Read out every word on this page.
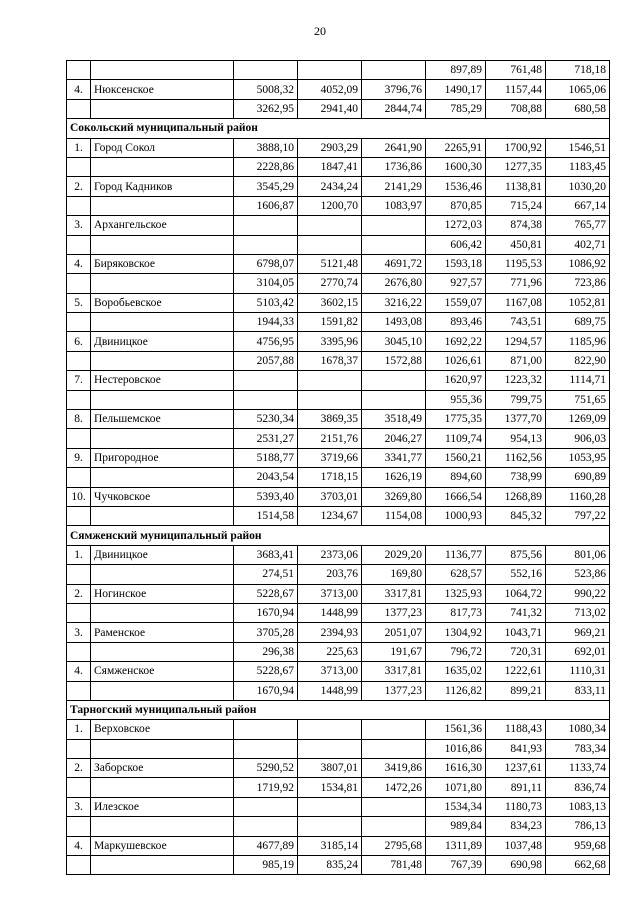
20
					897,89	761,48	718,18
4.	Нюксенское	5008,32	4052,09	3796,76	1490,17	1157,44	1065,06
		3262,95	2941,40	2844,74	785,29	708,88	680,58
Сокольский муниципальный район							
1.	Город Сокол	3888,10	2903,29	2641,90	2265,91	1700,92	1546,51
		2228,86	1847,41	1736,86	1600,30	1277,35	1183,45
2.	Город Кадников	3545,29	2434,24	2141,29	1536,46	1138,81	1030,20
		1606,87	1200,70	1083,97	870,85	715,24	667,14
3.	Архангельское				1272,03	874,38	765,77
					606,42	450,81	402,71
4.	Биряковское	6798,07	5121,48	4691,72	1593,18	1195,53	1086,92
		3104,05	2770,74	2676,80	927,57	771,96	723,86
5.	Воробьевское	5103,42	3602,15	3216,22	1559,07	1167,08	1052,81
		1944,33	1591,82	1493,08	893,46	743,51	689,75
6.	Двиницкое	4756,95	3395,96	3045,10	1692,22	1294,57	1185,96
		2057,88	1678,37	1572,88	1026,61	871,00	822,90
7.	Нестеровское				1620,97	1223,32	1114,71
					955,36	799,75	751,65
8.	Пельшемское	5230,34	3869,35	3518,49	1775,35	1377,70	1269,09
		2531,27	2151,76	2046,27	1109,74	954,13	906,03
9.	Пригородное	5188,77	3719,66	3341,77	1560,21	1162,56	1053,95
		2043,54	1718,15	1626,19	894,60	738,99	690,89
10.	Чучковское	5393,40	3703,01	3269,80	1666,54	1268,89	1160,28
		1514,58	1234,67	1154,08	1000,93	845,32	797,22
Сямженский муниципальный район							
1.	Двиницкое	3683,41	2373,06	2029,20	1136,77	875,56	801,06
		274,51	203,76	169,80	628,57	552,16	523,86
2.	Ногинское	5228,67	3713,00	3317,81	1325,93	1064,72	990,22
		1670,94	1448,99	1377,23	817,73	741,32	713,02
3.	Раменское	3705,28	2394,93	2051,07	1304,92	1043,71	969,21
		296,38	225,63	191,67	796,72	720,31	692,01
4.	Сямженское	5228,67	3713,00	3317,81	1635,02	1222,61	1110,31
		1670,94	1448,99	1377,23	1126,82	899,21	833,11
Тарногский муниципальный район							
1.	Верховское				1561,36	1188,43	1080,34
					1016,86	841,93	783,34
2.	Заборское	5290,52	3807,01	3419,86	1616,30	1237,61	1133,74
		1719,92	1534,81	1472,26	1071,80	891,11	836,74
3.	Илезское				1534,34	1180,73	1083,13
					989,84	834,23	786,13
4.	Маркушевское	4677,89	3185,14	2795,68	1311,89	1037,48	959,68
		985,19	835,24	781,48	767,39	690,98	662,68
